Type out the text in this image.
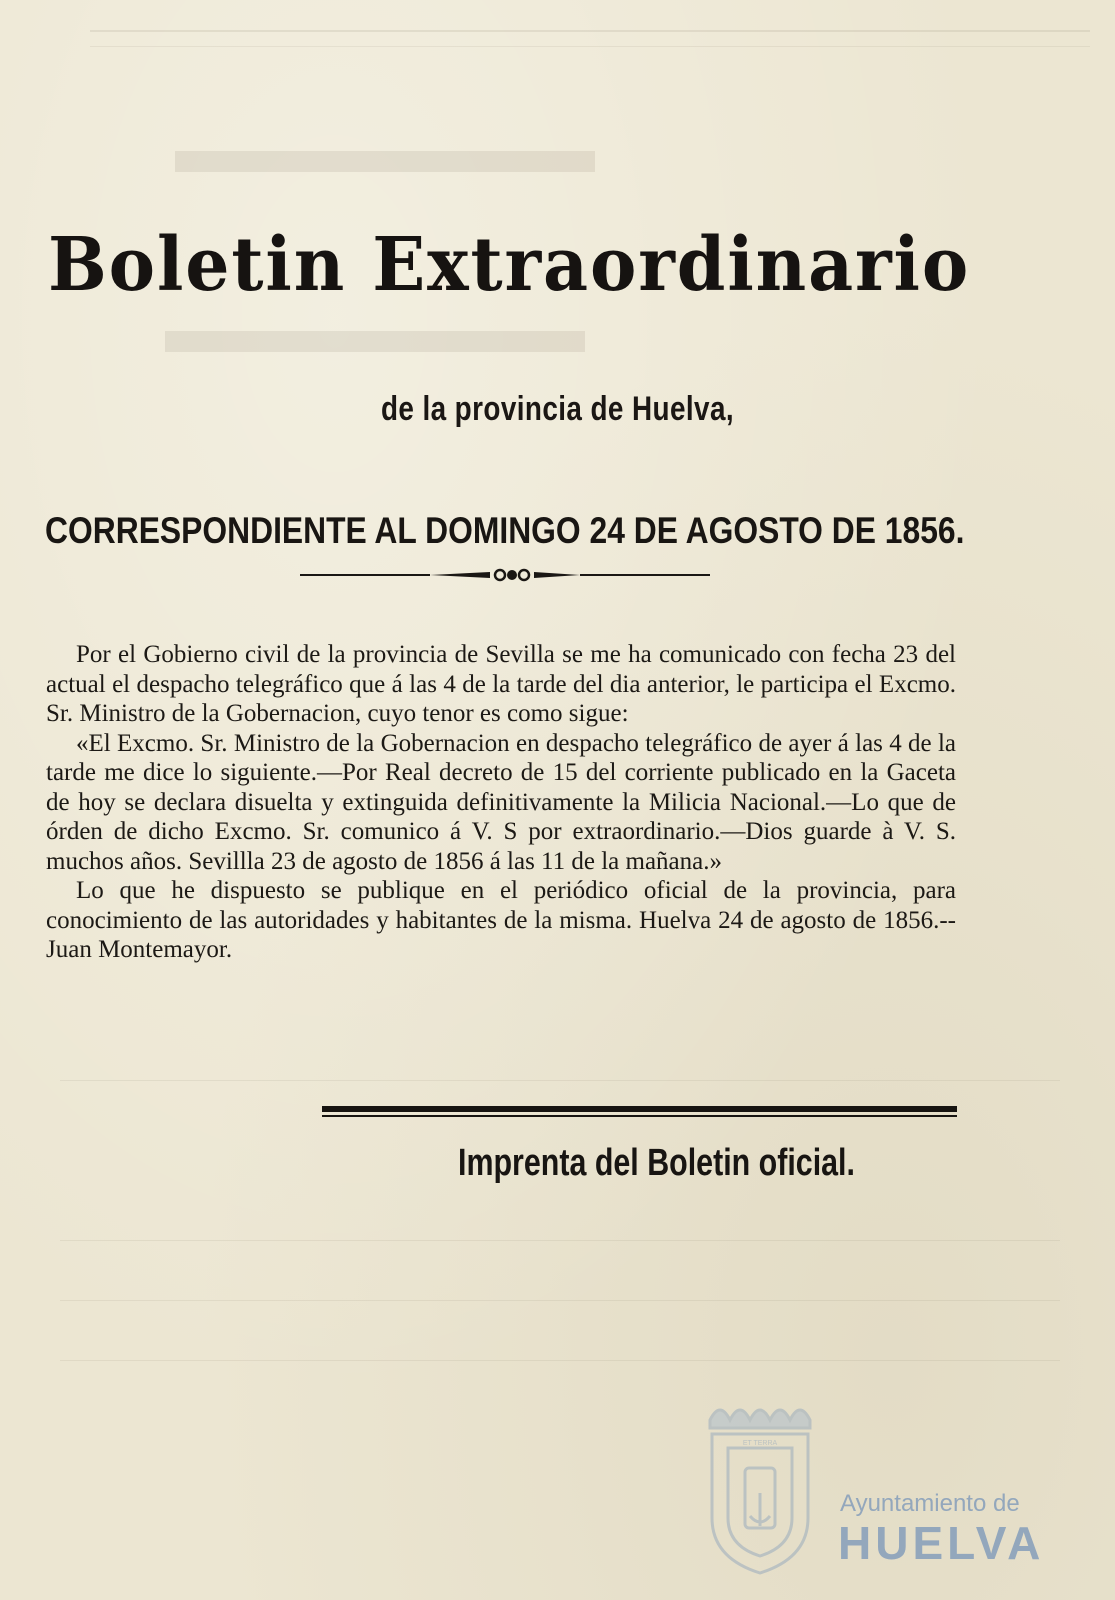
▬▬▬▬▬▬
▬▬▬▬▬▬
Boletin Extraordinario
de la provincia de Huelva,
CORRESPONDIENTE AL DOMINGO 24 DE AGOSTO DE 1856.

Por el Gobierno civil de la provincia de Sevilla se me ha comunicado con fecha 23 del actual el despacho telegráfico que á las 4 de la tarde del dia anterior, le participa el Excmo. Sr. Ministro de la Gobernacion, cuyo tenor es como sigue:

«El Excmo. Sr. Ministro de la Gobernacion en despacho telegráfico de ayer á las 4 de la tarde me dice lo siguiente.—Por Real decreto de 15 del corriente publicado en la Gaceta de hoy se declara disuelta y extinguida definitivamente la Milicia Nacional.—Lo que de órden de dicho Excmo. Sr. comunico á V. S por extraordinario.—Dios guarde à V. S. muchos años. Sevillla 23 de agosto de 1856 á las 11 de la mañana.»

Lo que he dispuesto se publique en el periódico oficial de la provincia, para conocimiento de las autoridades y habitantes de la misma. Huelva 24 de agosto de 1856.--Juan Montemayor.

Imprenta del Boletin oficial.
ET TERRA
Ayuntamiento de
HUELVA
